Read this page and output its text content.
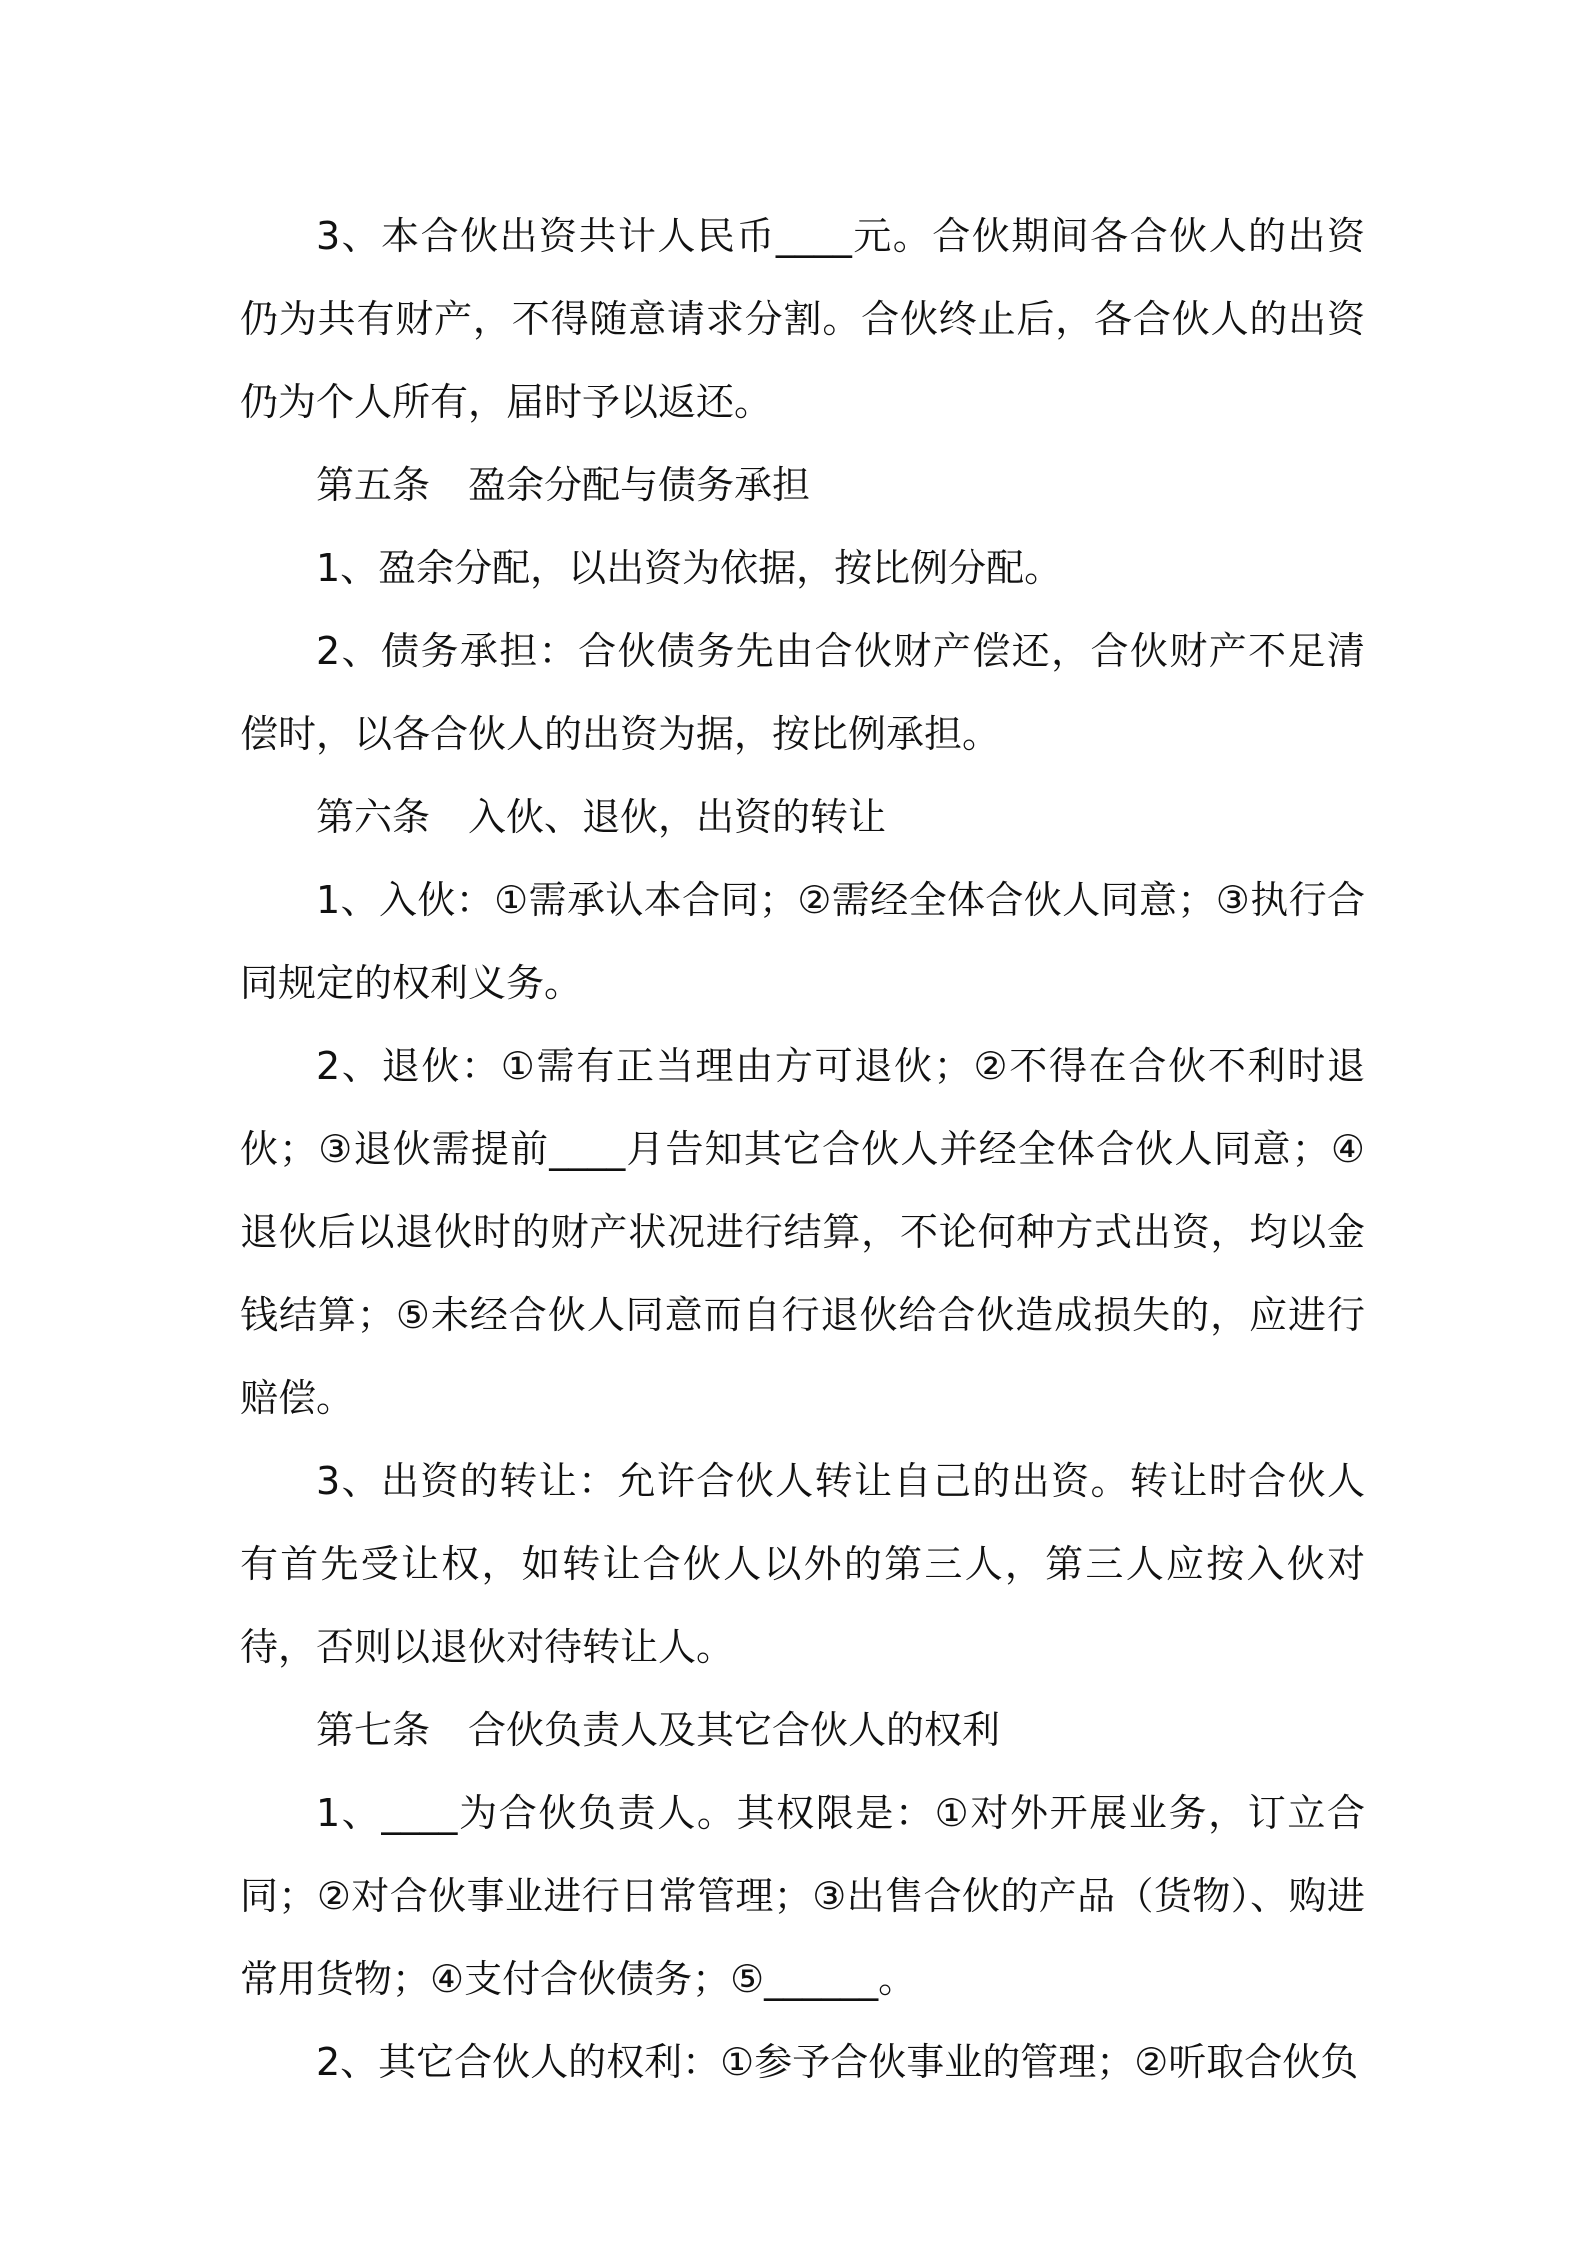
3、本合伙出资共计人民币____元。合伙期间各合伙人的出资仍为共有财产，不得随意请求分割。合伙终止后，各合伙人的出资仍为个人所有，届时予以返还。

第五条　盈余分配与债务承担

1、盈余分配，以出资为依据，按比例分配。

2、债务承担：合伙债务先由合伙财产偿还，合伙财产不足清偿时，以各合伙人的出资为据，按比例承担。

第六条　入伙、退伙，出资的转让

1、入伙：①需承认本合同；②需经全体合伙人同意；③执行合同规定的权利义务。

2、退伙：①需有正当理由方可退伙；②不得在合伙不利时退伙；③退伙需提前____月告知其它合伙人并经全体合伙人同意；④退伙后以退伙时的财产状况进行结算，不论何种方式出资，均以金钱结算；⑤未经合伙人同意而自行退伙给合伙造成损失的，应进行赔偿。

3、出资的转让：允许合伙人转让自己的出资。转让时合伙人有首先受让权，如转让合伙人以外的第三人，第三人应按入伙对待，否则以退伙对待转让人。

第七条　合伙负责人及其它合伙人的权利

1、____为合伙负责人。其权限是：①对外开展业务，订立合同；②对合伙事业进行日常管理；③出售合伙的产品（货物）、购进常用货物；④支付合伙债务；⑤______。

2、其它合伙人的权利：①参予合伙事业的管理；②听取合伙负
